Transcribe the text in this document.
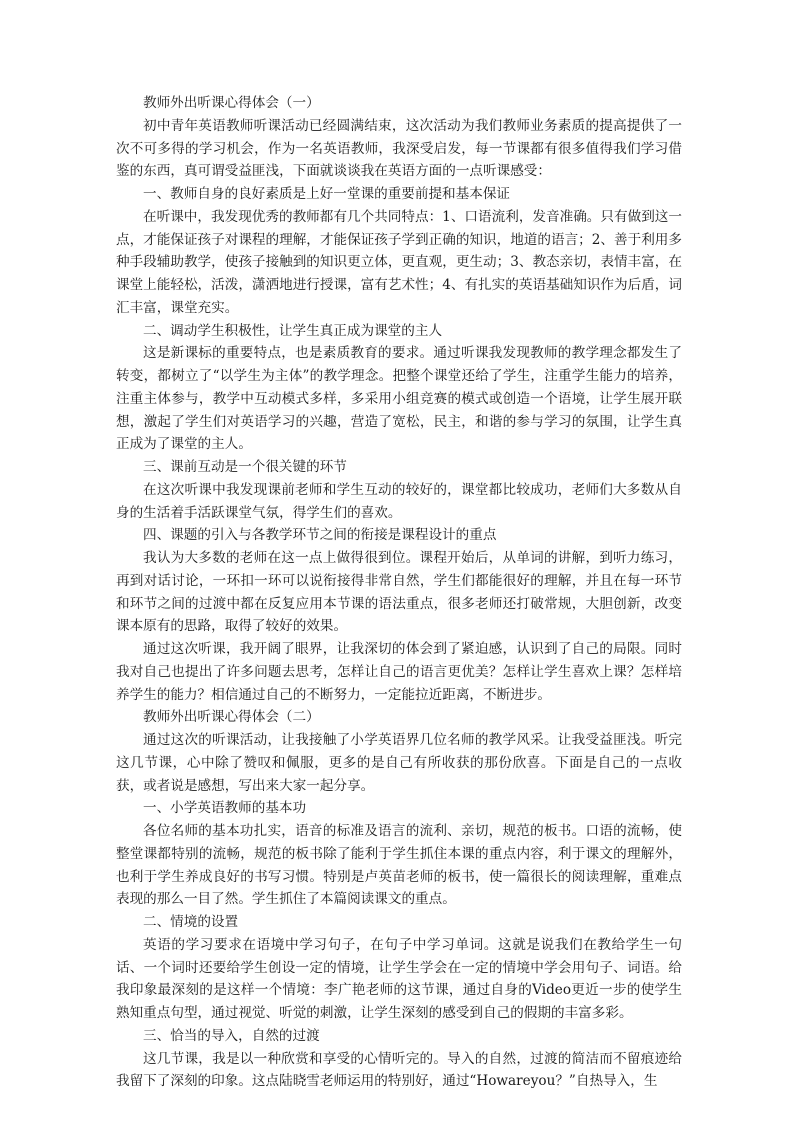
教师外出听课心得体会（一）

初中青年英语教师听课活动已经圆满结束，这次活动为我们教师业务素质的提高提供了一次不可多得的学习机会，作为一名英语教师，我深受启发，每一节课都有很多值得我们学习借鉴的东西，真可谓受益匪浅，下面就谈谈我在英语方面的一点听课感受：

一、教师自身的良好素质是上好一堂课的重要前提和基本保证

在听课中，我发现优秀的教师都有几个共同特点：1、口语流利，发音准确。只有做到这一点，才能保证孩子对课程的理解，才能保证孩子学到正确的知识，地道的语言；2、善于利用多种手段辅助教学，使孩子接触到的知识更立体，更直观，更生动；3、教态亲切，表情丰富，在课堂上能轻松，活泼，潇洒地进行授课，富有艺术性；4、有扎实的英语基础知识作为后盾，词汇丰富，课堂充实。

二、调动学生积极性，让学生真正成为课堂的主人

这是新课标的重要特点，也是素质教育的要求。通过听课我发现教师的教学理念都发生了转变，都树立了“以学生为主体”的教学理念。把整个课堂还给了学生，注重学生能力的培养，注重主体参与，教学中互动模式多样，多采用小组竞赛的模式或创造一个语境，让学生展开联想，激起了学生们对英语学习的兴趣，营造了宽松，民主，和谐的参与学习的氛围，让学生真正成为了课堂的主人。

三、课前互动是一个很关键的环节

在这次听课中我发现课前老师和学生互动的较好的，课堂都比较成功，老师们大多数从自身的生活着手活跃课堂气氛，得学生们的喜欢。

四、课题的引入与各教学环节之间的衔接是课程设计的重点

我认为大多数的老师在这一点上做得很到位。课程开始后，从单词的讲解，到听力练习，再到对话讨论，一环扣一环可以说衔接得非常自然，学生们都能很好的理解，并且在每一环节和环节之间的过渡中都在反复应用本节课的语法重点，很多老师还打破常规，大胆创新，改变课本原有的思路，取得了较好的效果。

通过这次听课，我开阔了眼界，让我深切的体会到了紧迫感，认识到了自己的局限。同时我对自己也提出了许多问题去思考，怎样让自己的语言更优美？怎样让学生喜欢上课？怎样培养学生的能力？相信通过自己的不断努力，一定能拉近距离，不断进步。

教师外出听课心得体会（二）

通过这次的听课活动，让我接触了小学英语界几位名师的教学风采。让我受益匪浅。听完这几节课，心中除了赞叹和佩服，更多的是自己有所收获的那份欣喜。下面是自己的一点收获，或者说是感想，写出来大家一起分享。

一、小学英语教师的基本功

各位名师的基本功扎实，语音的标准及语言的流利、亲切，规范的板书。口语的流畅，使整堂课都特别的流畅，规范的板书除了能利于学生抓住本课的重点内容，利于课文的理解外，也利于学生养成良好的书写习惯。特别是卢英苗老师的板书，使一篇很长的阅读理解，重难点表现的那么一目了然。学生抓住了本篇阅读课文的重点。

二、情境的设置

英语的学习要求在语境中学习句子，在句子中学习单词。这就是说我们在教给学生一句话、一个词时还要给学生创设一定的情境，让学生学会在一定的情境中学会用句子、词语。给我印象最深刻的是这样一个情境：李广艳老师的这节课，通过自身的Video更近一步的使学生熟知重点句型，通过视觉、听觉的刺激，让学生深刻的感受到自己的假期的丰富多彩。

三、恰当的导入，自然的过渡

这几节课，我是以一种欣赏和享受的心情听完的。导入的自然，过渡的简洁而不留痕迹给我留下了深刻的印象。这点陆晓雪老师运用的特别好，通过“Howareyou？”自热导入，生
